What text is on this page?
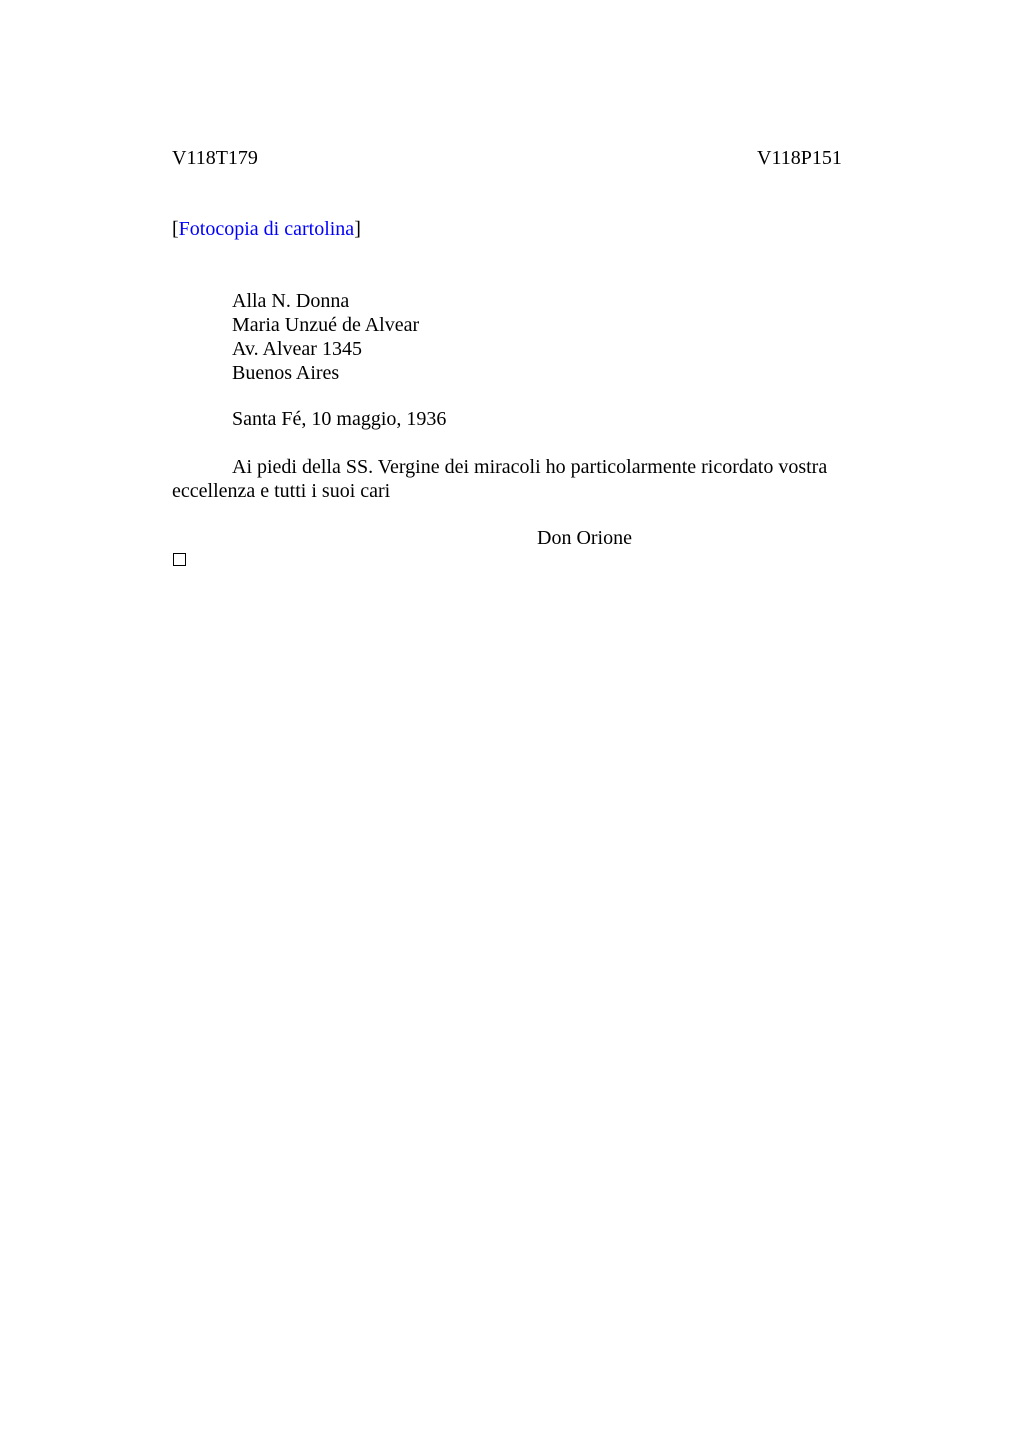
V118T179	V118P151
[Fotocopia di cartolina]
Alla N. Donna
Maria Unzué de Alvear
Av. Alvear 1345
Buenos Aires
Santa Fé, 10 maggio, 1936
Ai piedi della SS. Vergine dei miracoli ho particolarmente ricordato vostra eccellenza e tutti i suoi cari
Don Orione
